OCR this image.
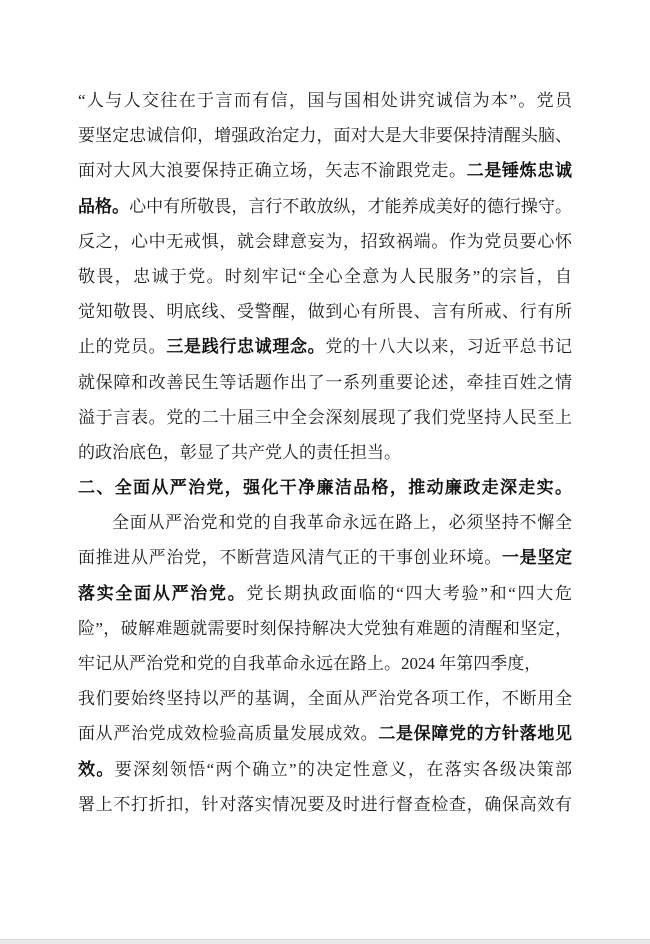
“人与人交往在于言而有信，国与国相处讲究诚信为本”。党员
要坚定忠诚信仰，增强政治定力，面对大是大非要保持清醒头脑、
面对大风大浪要保持正确立场，矢志不渝跟党走。二是锤炼忠诚
品格。心中有所敬畏，言行不敢放纵，才能养成美好的德行操守。
反之，心中无戒惧，就会肆意妄为，招致祸端。作为党员要心怀
敬畏，忠诚于党。时刻牢记“全心全意为人民服务”的宗旨，自
觉知敬畏、明底线、受警醒，做到心有所畏、言有所戒、行有所
止的党员。三是践行忠诚理念。党的十八大以来，习近平总书记
就保障和改善民生等话题作出了一系列重要论述，牵挂百姓之情
溢于言表。党的二十届三中全会深刻展现了我们党坚持人民至上
的政治底色，彰显了共产党人的责任担当。
二、全面从严治党，强化干净廉洁品格，推动廉政走深走实。
全面从严治党和党的自我革命永远在路上，必须坚持不懈全
面推进从严治党，不断营造风清气正的干事创业环境。一是坚定
落实全面从严治党。党长期执政面临的“四大考验”和“四大危
险”，破解难题就需要时刻保持解决大党独有难题的清醒和坚定，
牢记从严治党和党的自我革命永远在路上。2024 年第四季度，
我们要始终坚持以严的基调，全面从严治党各项工作，不断用全
面从严治党成效检验高质量发展成效。二是保障党的方针落地见
效。要深刻领悟“两个确立”的决定性意义，在落实各级决策部
署上不打折扣，针对落实情况要及时进行督查检查，确保高效有
